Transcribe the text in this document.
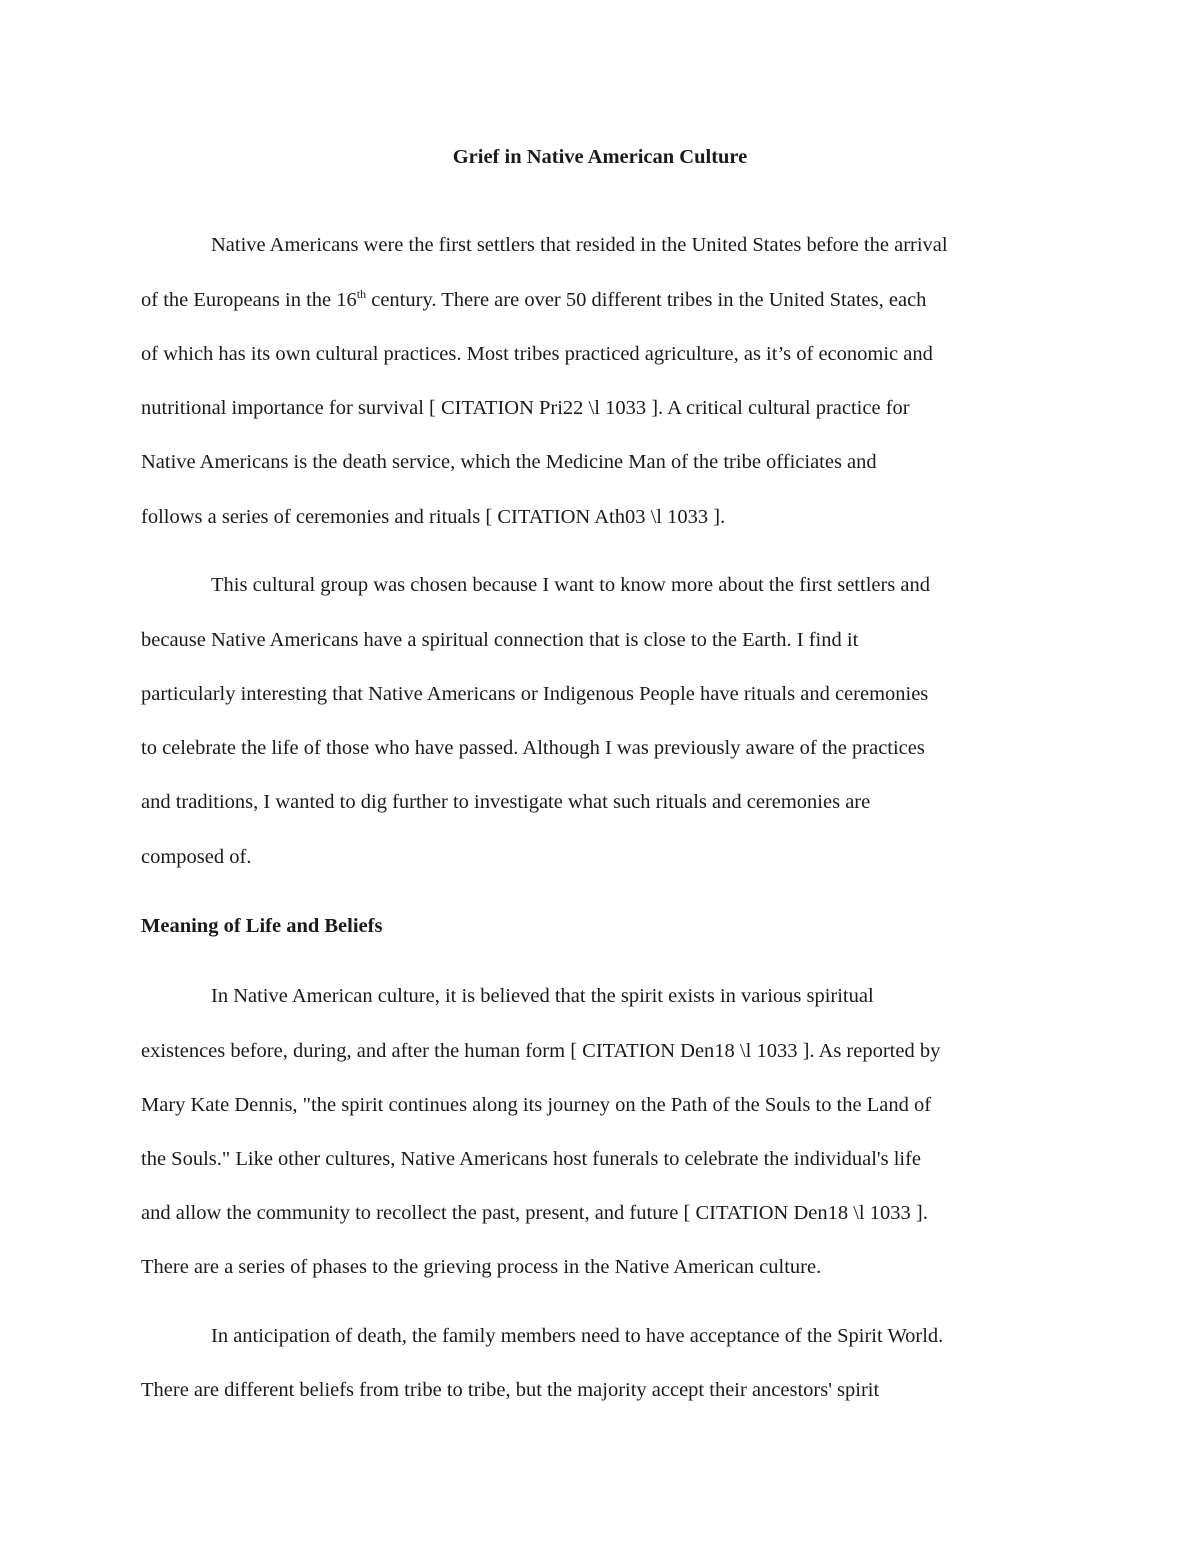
Grief in Native American Culture

Native Americans were the first settlers that resided in the United States before the arrival

of the Europeans in the 16th century. There are over 50 different tribes in the United States, each

of which has its own cultural practices. Most tribes practiced agriculture, as it’s of economic and

nutritional importance for survival [ CITATION Pri22 \l 1033 ]. A critical cultural practice for

Native Americans is the death service, which the Medicine Man of the tribe officiates and

follows a series of ceremonies and rituals [ CITATION Ath03 \l 1033 ].

This cultural group was chosen because I want to know more about the first settlers and

because Native Americans have a spiritual connection that is close to the Earth. I find it

particularly interesting that Native Americans or Indigenous People have rituals and ceremonies

to celebrate the life of those who have passed. Although I was previously aware of the practices

and traditions, I wanted to dig further to investigate what such rituals and ceremonies are

composed of.

Meaning of Life and Beliefs

In Native American culture, it is believed that the spirit exists in various spiritual

existences before, during, and after the human form [ CITATION Den18 \l 1033 ]. As reported by

Mary Kate Dennis, "the spirit continues along its journey on the Path of the Souls to the Land of

the Souls." Like other cultures, Native Americans host funerals to celebrate the individual's life

and allow the community to recollect the past, present, and future [ CITATION Den18 \l 1033 ].

There are a series of phases to the grieving process in the Native American culture.

In anticipation of death, the family members need to have acceptance of the Spirit World.

There are different beliefs from tribe to tribe, but the majority accept their ancestors' spirit
